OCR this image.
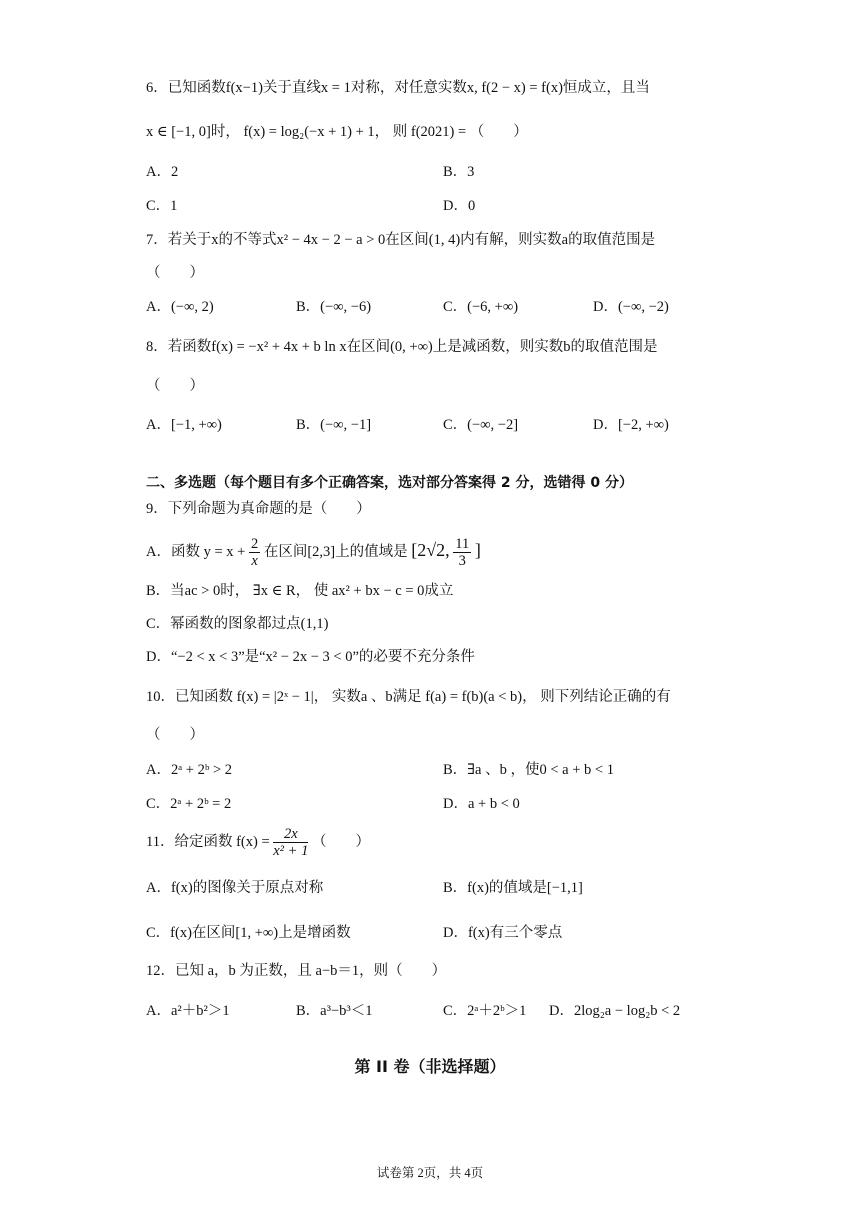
6．已知函数f(x−1)关于直线x = 1对称，对任意实数x, f(2 − x) = f(x)恒成立，且当
x ∈ [−1, 0]时， f(x) = log₂(−x + 1) + 1， 则 f(2021) = （　　）
A．2	B．3
C．1	D．0
7．若关于x的不等式x² − 4x − 2 − a > 0在区间(1, 4)内有解，则实数a的取值范围是
（　　）
A．(−∞, 2)	B．(−∞, −6)	C．(−6, +∞)	D．(−∞, −2)
8．若函数f(x) = −x² + 4x + b ln x在区间(0, +∞)上是减函数，则实数b的取值范围是
（　　）
A．[−1, +∞)	B．(−∞, −1]	C．(−∞, −2]	D．[−2, +∞)
二、多选题（每个题目有多个正确答案，选对部分答案得 2 分，选错得 0 分）
9．下列命题为真命题的是（　　）
A．函数 $y = x + \frac{2}{x}$ 在区间[2,3]上的值域是 [2√2, $\frac{11}{3}$ ]
B．当ac > 0时， ∃x ∈ R， 使 ax² + bx − c = 0成立
C．幂函数的图象都过点(1,1)
D．“−2 < x < 3”是“x² − 2x − 3 < 0”的必要不充分条件
10．已知函数 f(x) = |2ˣ − 1|， 实数a 、b满足 f(a) = f(b)(a < b)， 则下列结论正确的有
（　　）
A．2ᵃ + 2ᵇ > 2	B．∃a 、b ，使0 < a + b < 1
C．2ᵃ + 2ᵇ = 2	D．a + b < 0
11．给定函数 $f(x) = \frac{2x}{\text{x² + 1}}$ （　　）
A．f(x)的图像关于原点对称	B．f(x)的值域是[−1,1]
C．f(x)在区间[1, +∞)上是增函数	D．f(x)有三个零点
12．已知 a，b 为正数，且 a−b＝1，则（　　）
A．a²＋b²＞1	B．a³−b³＜1	C．2ᵃ＋2ᵇ＞1 D．2log₂a − log₂b < 2
第 II 卷（非选择题）
试卷第 2页，共 4页
